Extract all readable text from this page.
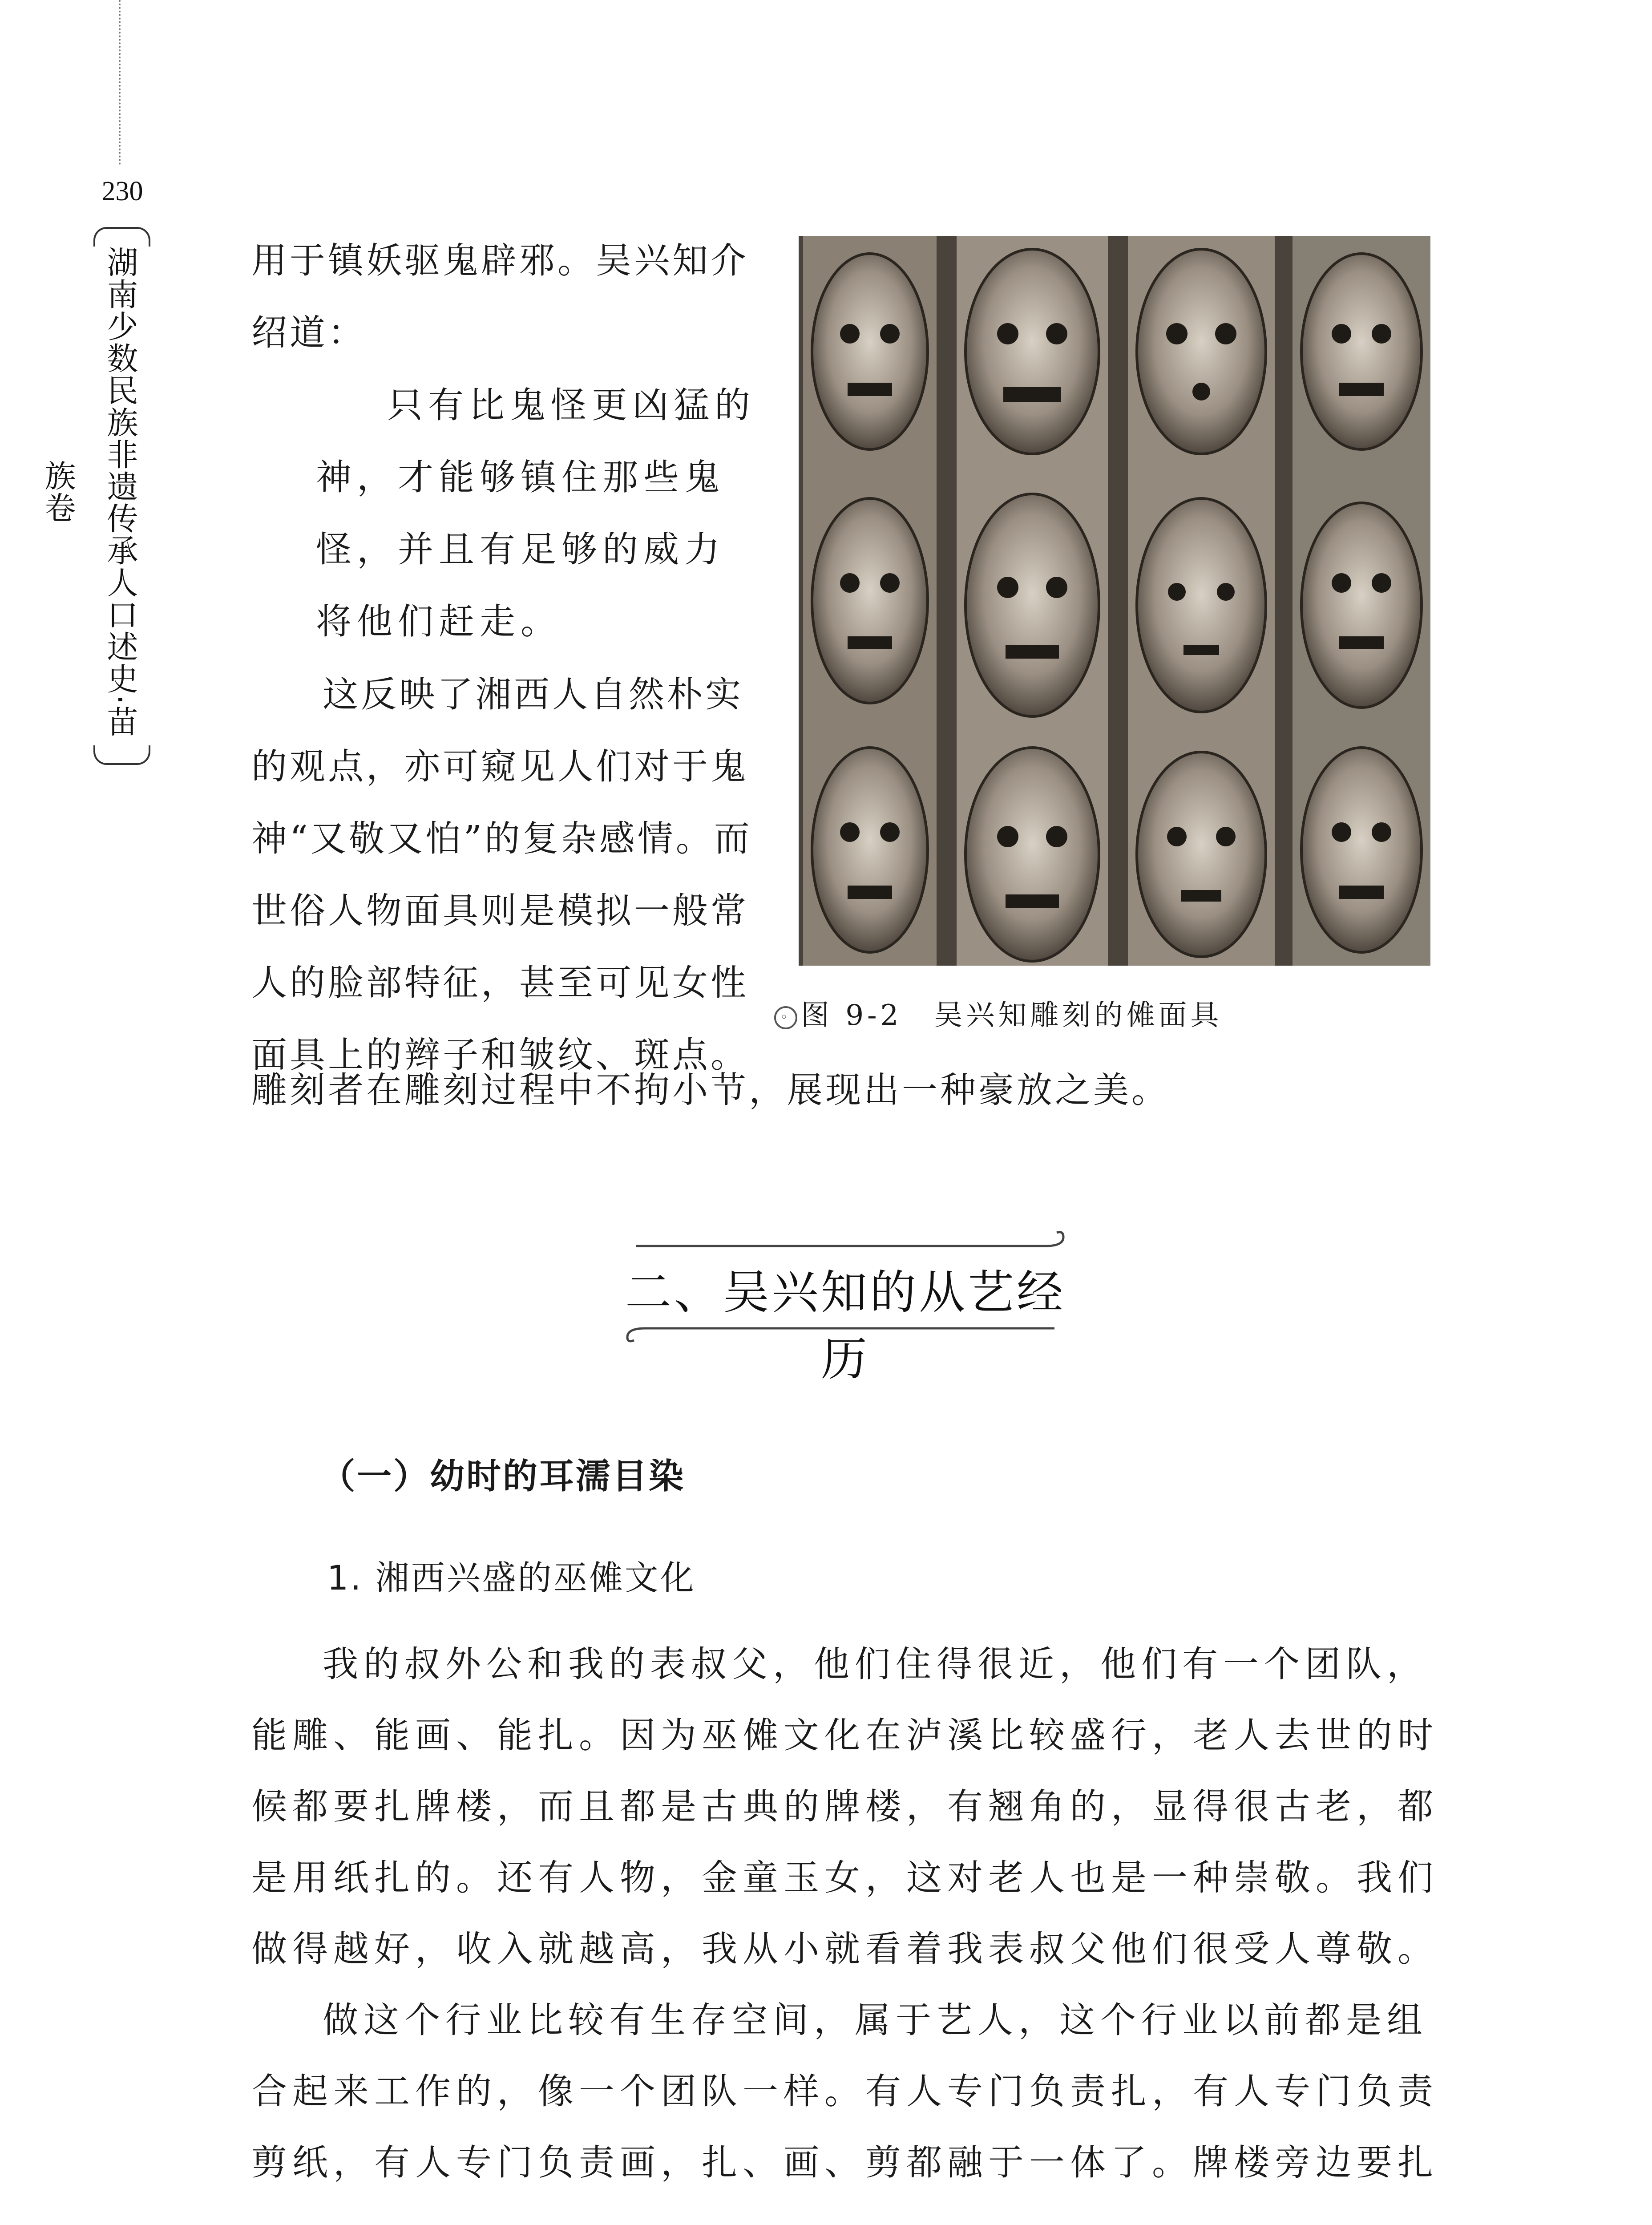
230
湖南少数民族非遗传承人口述史·苗族卷

用于镇妖驱鬼辟邪。吴兴知介绍道：

只有比鬼怪更凶猛的神，才能够镇住那些鬼怪，并且有足够的威力将他们赶走。

这反映了湘西人自然朴实的观点，亦可窥见人们对于鬼神“又敬又怕”的复杂感情。而世俗人物面具则是模拟一般常人的脸部特征，甚至可见女性面具上的辫子和皱纹、斑点。

雕刻者在雕刻过程中不拘小节，展现出一种豪放之美。

◦ 图 9-2　吴兴知雕刻的傩面具
二、吴兴知的从艺经历
（一）幼时的耳濡目染
1. 湘西兴盛的巫傩文化

我的叔外公和我的表叔父，他们住得很近，他们有一个团队，能雕、能画、能扎。因为巫傩文化在泸溪比较盛行，老人去世的时候都要扎牌楼，而且都是古典的牌楼，有翘角的，显得很古老，都是用纸扎的。还有人物，金童玉女，这对老人也是一种崇敬。我们做得越好，收入就越高，我从小就看着我表叔父他们很受人尊敬。

做这个行业比较有生存空间，属于艺人，这个行业以前都是组合起来工作的，像一个团队一样。有人专门负责扎，有人专门负责剪纸，有人专门负责画，扎、画、剪都融于一体了。牌楼旁边要扎
